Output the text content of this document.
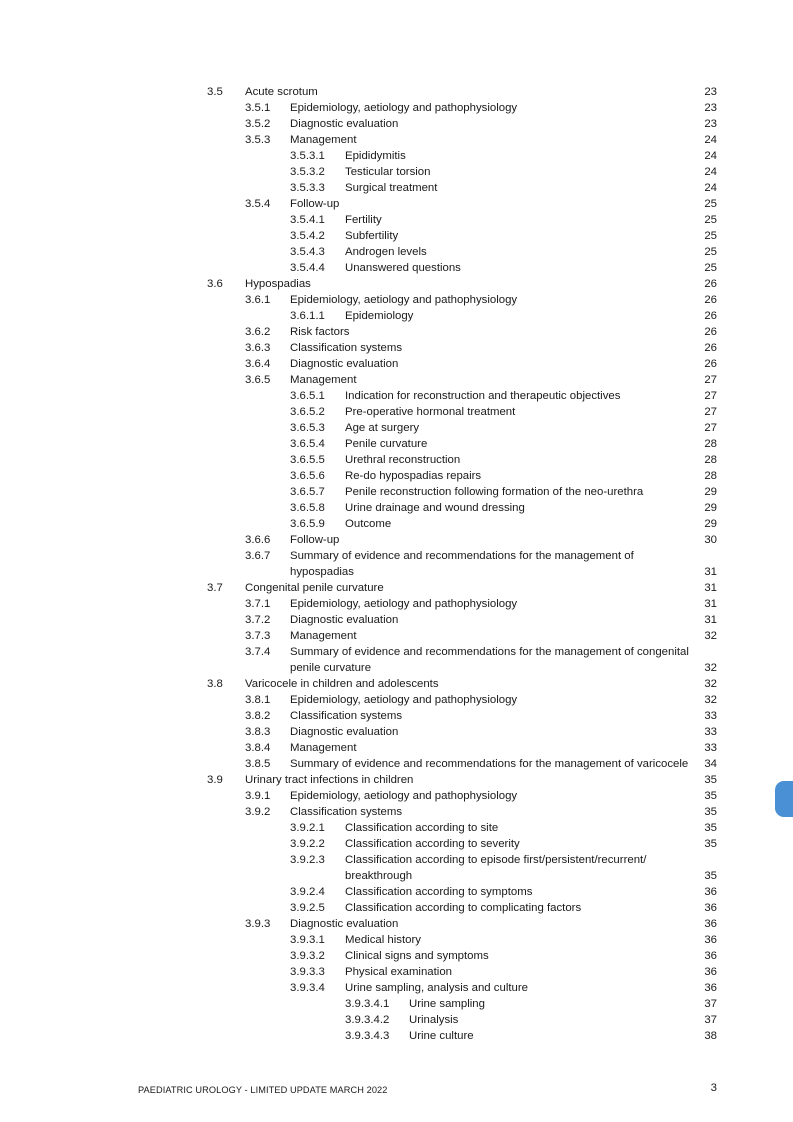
3.5 Acute scrotum	23
3.5.1 Epidemiology, aetiology and pathophysiology	23
3.5.2 Diagnostic evaluation	23
3.5.3 Management	24
3.5.3.1 Epididymitis	24
3.5.3.2 Testicular torsion	24
3.5.3.3 Surgical treatment	24
3.5.4 Follow-up	25
3.5.4.1 Fertility	25
3.5.4.2 Subfertility	25
3.5.4.3 Androgen levels	25
3.5.4.4 Unanswered questions	25
3.6 Hypospadias	26
3.6.1 Epidemiology, aetiology and pathophysiology	26
3.6.1.1 Epidemiology	26
3.6.2 Risk factors	26
3.6.3 Classification systems	26
3.6.4 Diagnostic evaluation	26
3.6.5 Management	27
3.6.5.1 Indication for reconstruction and therapeutic objectives	27
3.6.5.2 Pre-operative hormonal treatment	27
3.6.5.3 Age at surgery	27
3.6.5.4 Penile curvature	28
3.6.5.5 Urethral reconstruction	28
3.6.5.6 Re-do hypospadias repairs	28
3.6.5.7 Penile reconstruction following formation of the neo-urethra	29
3.6.5.8 Urine drainage and wound dressing	29
3.6.5.9 Outcome	29
3.6.6 Follow-up	30
3.6.7 Summary of evidence and recommendations for the management of hypospadias	31
3.7 Congenital penile curvature	31
3.7.1 Epidemiology, aetiology and pathophysiology	31
3.7.2 Diagnostic evaluation	31
3.7.3 Management	32
3.7.4 Summary of evidence and recommendations for the management of congenital penile curvature	32
3.8 Varicocele in children and adolescents	32
3.8.1 Epidemiology, aetiology and pathophysiology	32
3.8.2 Classification systems	33
3.8.3 Diagnostic evaluation	33
3.8.4 Management	33
3.8.5 Summary of evidence and recommendations for the management of varicocele	34
3.9 Urinary tract infections in children	35
3.9.1 Epidemiology, aetiology and pathophysiology	35
3.9.2 Classification systems	35
3.9.2.1 Classification according to site	35
3.9.2.2 Classification according to severity	35
3.9.2.3 Classification according to episode first/persistent/recurrent/ breakthrough	35
3.9.2.4 Classification according to symptoms	36
3.9.2.5 Classification according to complicating factors	36
3.9.3 Diagnostic evaluation	36
3.9.3.1 Medical history	36
3.9.3.2 Clinical signs and symptoms	36
3.9.3.3 Physical examination	36
3.9.3.4 Urine sampling, analysis and culture	36
3.9.3.4.1 Urine sampling	37
3.9.3.4.2 Urinalysis	37
3.9.3.4.3 Urine culture	38
PAEDIATRIC UROLOGY - LIMITED UPDATE MARCH 2022	3
